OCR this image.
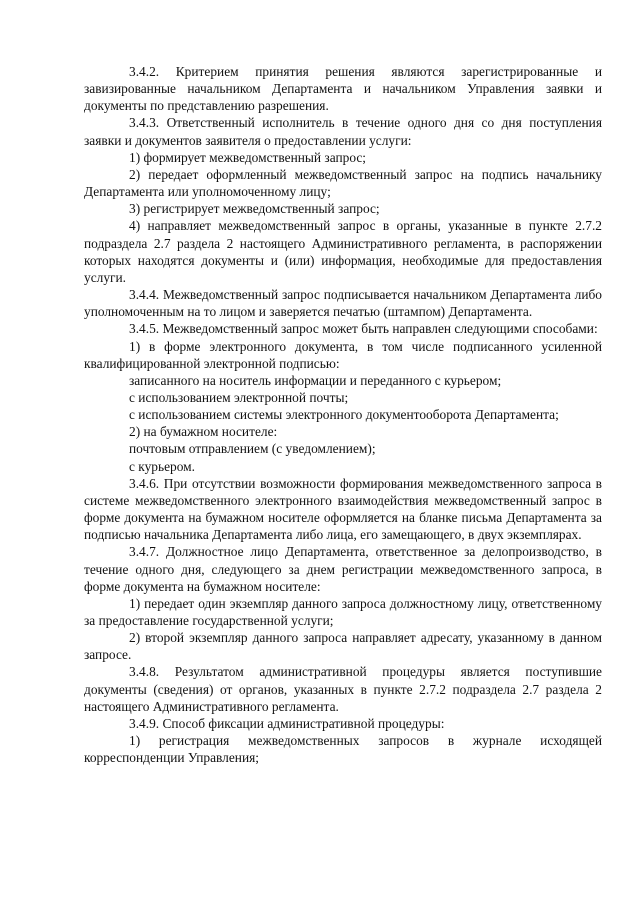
3.4.2. Критерием принятия решения являются зарегистрированные и завизированные начальником Департамента и начальником Управления заявки и документы по представлению разрешения.

3.4.3. Ответственный исполнитель в течение одного дня со дня поступления заявки и документов заявителя о предоставлении услуги:

1) формирует межведомственный запрос;

2) передает оформленный межведомственный запрос на подпись начальнику Департамента или уполномоченному лицу;

3) регистрирует межведомственный запрос;

4) направляет межведомственный запрос в органы, указанные в пункте 2.7.2 подраздела 2.7 раздела 2 настоящего Административного регламента, в распоряжении которых находятся документы и (или) информация, необходимые для предоставления услуги.

3.4.4. Межведомственный запрос подписывается начальником Департамента либо уполномоченным на то лицом и заверяется печатью (штампом) Департамента.

3.4.5. Межведомственный запрос может быть направлен следующими способами:

1) в форме электронного документа, в том числе подписанного усиленной квалифицированной электронной подписью:

записанного на носитель информации и переданного с курьером;

с использованием электронной почты;

с использованием системы электронного документооборота Департамента;

2) на бумажном носителе:

почтовым отправлением (с уведомлением);

с курьером.

3.4.6. При отсутствии возможности формирования межведомственного запроса в системе межведомственного электронного взаимодействия межведомственный запрос в форме документа на бумажном носителе оформляется на бланке письма Департамента за подписью начальника Департамента либо лица, его замещающего, в двух экземплярах.

3.4.7. Должностное лицо Департамента, ответственное за делопроизводство, в течение одного дня, следующего за днем регистрации межведомственного запроса, в форме документа на бумажном носителе:

1) передает один экземпляр данного запроса должностному лицу, ответственному за предоставление государственной услуги;

2) второй экземпляр данного запроса направляет адресату, указанному в данном запросе.

3.4.8. Результатом административной процедуры является поступившие документы (сведения) от органов, указанных в пункте 2.7.2 подраздела 2.7 раздела 2 настоящего Административного регламента.

3.4.9. Способ фиксации административной процедуры:

1) регистрация межведомственных запросов в журнале исходящей корреспонденции Управления;
